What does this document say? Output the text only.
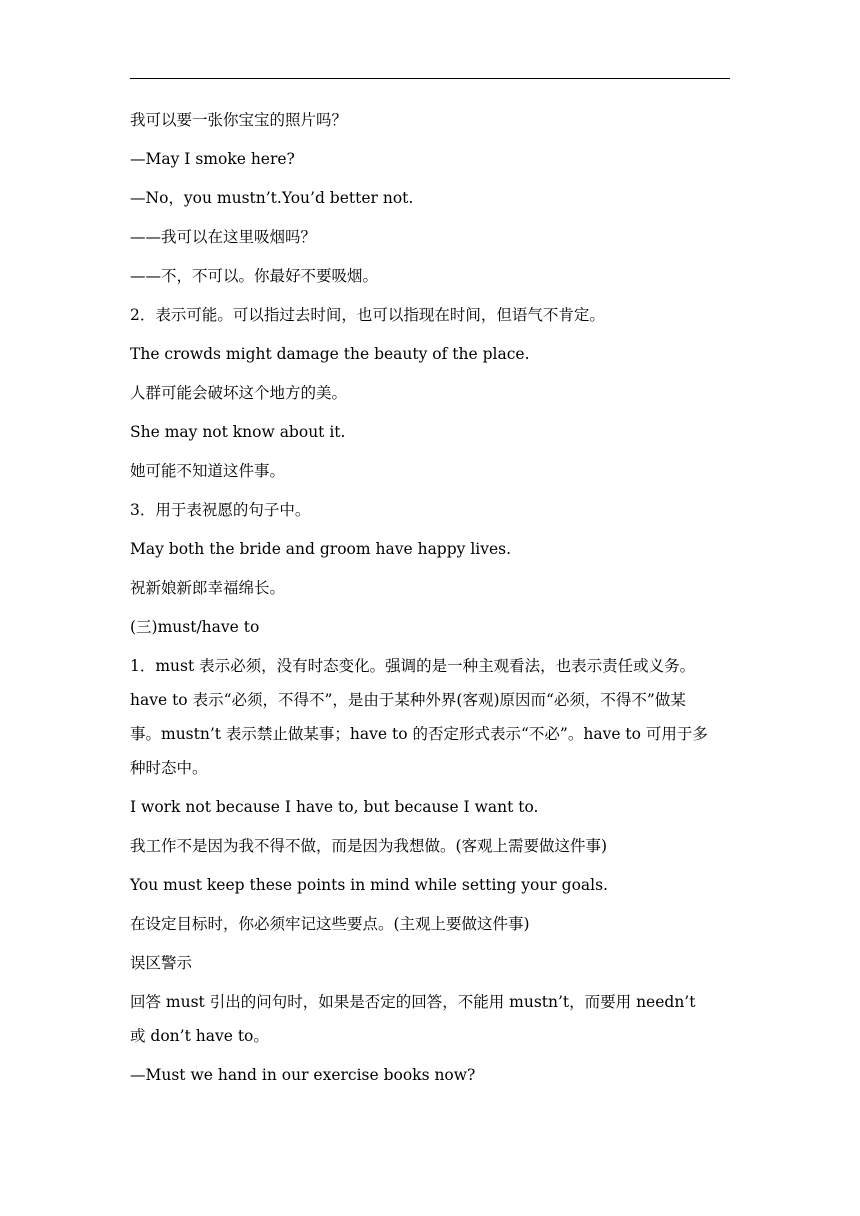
我可以要一张你宝宝的照片吗？
—May I smoke here?
—No，you mustn’t.You’d better not.
——我可以在这里吸烟吗？
——不，不可以。你最好不要吸烟。
2．表示可能。可以指过去时间，也可以指现在时间，但语气不肯定。
The crowds might damage the beauty of the place.
人群可能会破坏这个地方的美。
She may not know about it.
她可能不知道这件事。
3．用于表祝愿的句子中。
May both the bride and groom have happy lives.
祝新娘新郎幸福绵长。
(三)must/have to
1．must 表示必须，没有时态变化。强调的是一种主观看法，也表示责任或义务。
have to 表示“必须，不得不”，是由于某种外界(客观)原因而“必须，不得不”做某
事。mustn’t 表示禁止做某事；have to 的否定形式表示“不必”。have to 可用于多
种时态中。
I work not because I have to, but because I want to.
我工作不是因为我不得不做，而是因为我想做。(客观上需要做这件事)
You must keep these points in mind while setting your goals.
在设定目标时，你必须牢记这些要点。(主观上要做这件事)
误区警示
回答 must 引出的问句时，如果是否定的回答，不能用 mustn’t，而要用 needn’t
或 don’t have to。
—Must we hand in our exercise books now?
